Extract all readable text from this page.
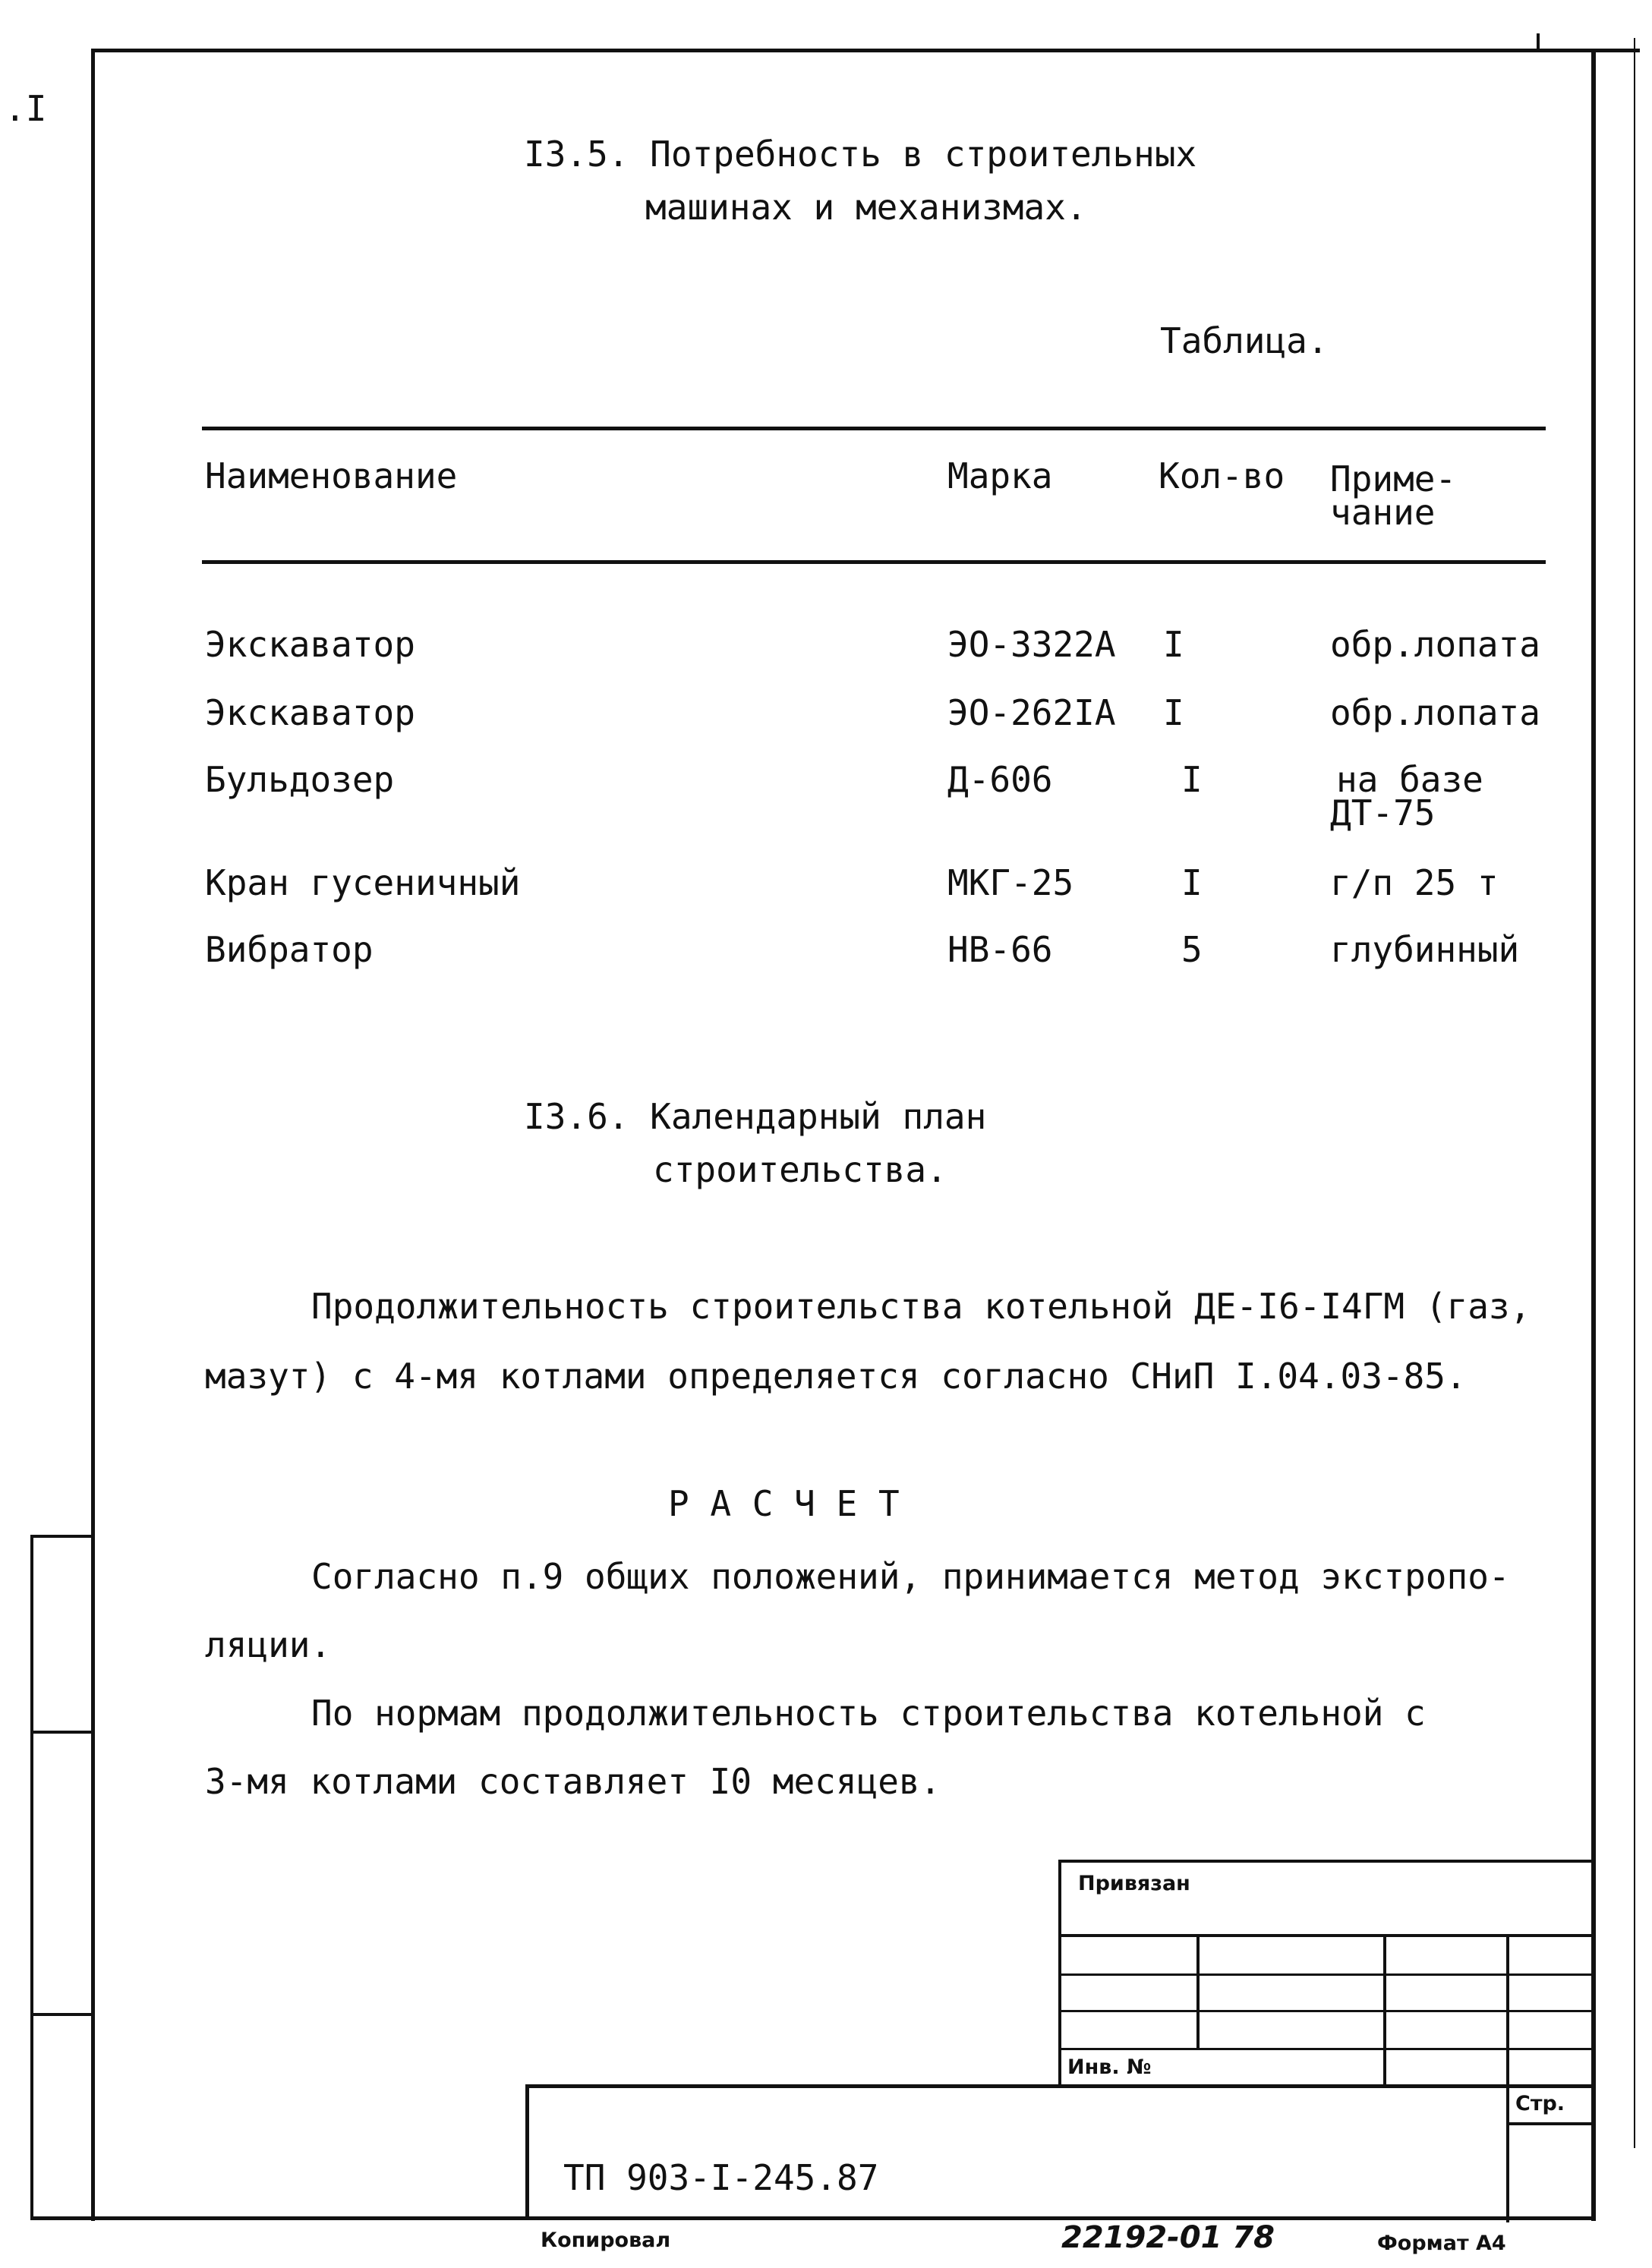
.I
I3.5. Потребность в строительных
машинах и механизмах.
Таблица.
Наименование	Марка	Кол-во Приме-
чание
Экскаватор	ЭО-3322А I	обр.лопата
Экскаватор	ЭО-262IА I	обр.лопата
Бульдозер	Д-606	I	на базе
ДТ-75
Кран гусеничный	МКГ-25	I	г/п 25 т
Вибратор	НВ-66	5	глубинный
I3.6. Календарный план
строительства.
Продолжительность строительства котельной ДЕ-I6-I4ГМ (газ,
мазут) с 4-мя котлами определяется согласно СНиП I.04.03-85.
Р А С Ч Е Т
Согласно п.9 общих положений, принимается метод экстропо-
ляции.
По нормам продолжительность строительства котельной с
3-мя котлами составляет I0 месяцев.
Привязан
Инв. №
Стр.
ТП 903-I-245.87
Копировал	22192-01 78	Формат А4
